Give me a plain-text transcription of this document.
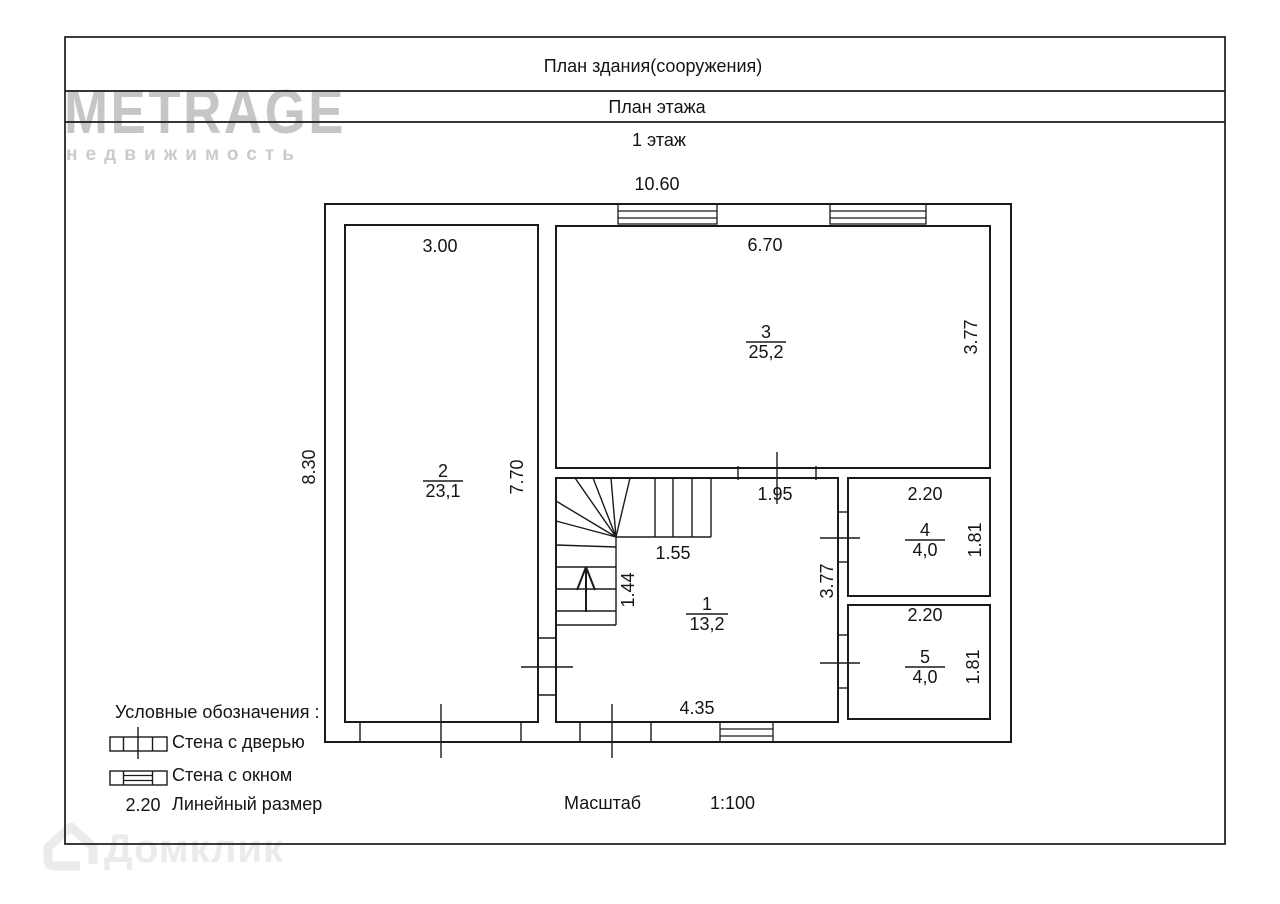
METRAGE
недвижимость
Домклик
План здания(сооружения)
План этажа
1 этаж
10.60
8.30
3.00
7.70
6.70
3.77
1.95
1.55
1.44	3.77
4.35
2.20
1.81
2.20
1.81
1
13,2
2
23,1
3
25,2
4
4,0
5
4,0
Условные обозначения :
Стена с дверью
Стена с окном
2.20 Линейный размер	Масштаб	1:100
